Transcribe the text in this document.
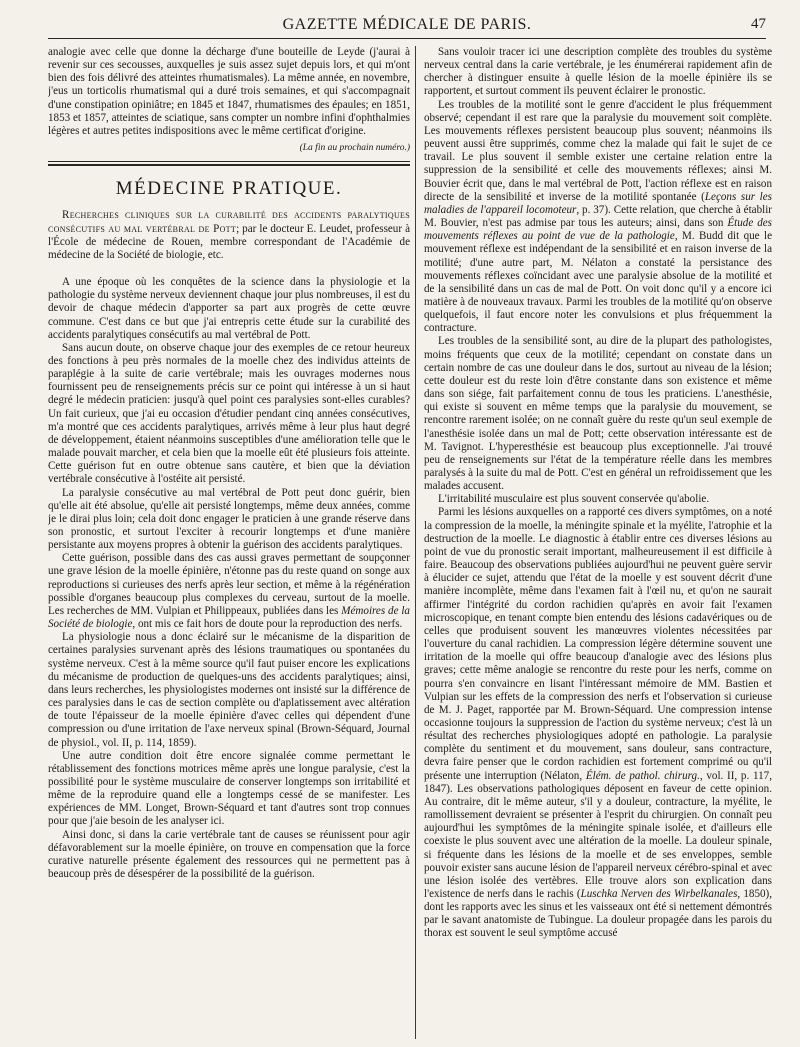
GAZETTE MÉDICALE DE PARIS.	47

analogie avec celle que donne la décharge d'une bouteille de Leyde (j'aurai à revenir sur ces secousses, auxquelles je suis assez sujet depuis lors, et qui m'ont bien des fois délivré des atteintes rhumatismales). La même année, en novembre, j'eus un torticolis rhumatismal qui a duré trois semaines, et qui s'accompagnait d'une constipation opiniâtre; en 1845 et 1847, rhumatismes des épaules; en 1851, 1853 et 1857, atteintes de sciatique, sans compter un nombre infini d'ophthalmies légères et autres petites indispositions avec le même certificat d'origine.

(La fin au prochain numéro.)

MÉDECINE PRATIQUE.

Recherches cliniques sur la curabilité des accidents paralytiques consécutifs au mal vertébral de Pott; par le docteur E. Leudet, professeur à l'École de médecine de Rouen, membre correspondant de l'Académie de médecine de la Société de biologie, etc.

A une époque où les conquêtes de la science dans la physiologie et la pathologie du système nerveux deviennent chaque jour plus nombreuses, il est du devoir de chaque médecin d'apporter sa part aux progrès de cette œuvre commune. C'est dans ce but que j'ai entrepris cette étude sur la curabilité des accidents paralytiques consécutifs au mal vertébral de Pott.

Sans aucun doute, on observe chaque jour des exemples de ce retour heureux des fonctions à peu près normales de la moelle chez des individus atteints de paraplégie à la suite de carie vertébrale; mais les ouvrages modernes nous fournissent peu de renseignements précis sur ce point qui intéresse à un si haut degré le médecin praticien: jusqu'à quel point ces paralysies sont-elles curables? Un fait curieux, que j'ai eu occasion d'étudier pendant cinq années consécutives, m'a montré que ces accidents paralytiques, arrivés même à leur plus haut degré de développement, étaient néanmoins susceptibles d'une amélioration telle que le malade pouvait marcher, et cela bien que la moelle eût été plusieurs fois atteinte. Cette guérison fut en outre obtenue sans cautère, et bien que la déviation vertébrale consécutive à l'ostéite ait persisté.

La paralysie consécutive au mal vertébral de Pott peut donc guérir, bien qu'elle ait été absolue, qu'elle ait persisté longtemps, même deux années, comme je le dirai plus loin; cela doit donc engager le praticien à une grande réserve dans son pronostic, et surtout l'exciter à recourir longtemps et d'une manière persistante aux moyens propres à obtenir la guérison des accidents paralytiques.

Cette guérison, possible dans des cas aussi graves permettant de soupçonner une grave lésion de la moelle épinière, n'étonne pas du reste quand on songe aux reproductions si curieuses des nerfs après leur section, et même à la régénération possible d'organes beaucoup plus complexes du cerveau, surtout de la moelle. Les recherches de MM. Vulpian et Philippeaux, publiées dans les Mémoires de la Société de biologie, ont mis ce fait hors de doute pour la reproduction des nerfs.

La physiologie nous a donc éclairé sur le mécanisme de la disparition de certaines paralysies survenant après des lésions traumatiques ou spontanées du système nerveux. C'est à la même source qu'il faut puiser encore les explications du mécanisme de production de quelques-uns des accidents paralytiques; ainsi, dans leurs recherches, les physiologistes modernes ont insisté sur la différence de ces paralysies dans le cas de section complète ou d'aplatissement avec altération de toute l'épaisseur de la moelle épinière d'avec celles qui dépendent d'une compression ou d'une irritation de l'axe nerveux spinal (Brown-Séquard, Journal de physiol., vol. II, p. 114, 1859).

Une autre condition doit être encore signalée comme permettant le rétablissement des fonctions motrices même après une longue paralysie, c'est la possibilité pour le système musculaire de conserver longtemps son irritabilité et même de la reproduire quand elle a longtemps cessé de se manifester. Les expériences de MM. Longet, Brown-Séquard et tant d'autres sont trop connues pour que j'aie besoin de les analyser ici.

Ainsi donc, si dans la carie vertébrale tant de causes se réunissent pour agir défavorablement sur la moelle épinière, on trouve en compensation que la force curative naturelle présente également des ressources qui ne permettent pas à beaucoup près de désespérer de la possibilité de la guérison.

Sans vouloir tracer ici une description complète des troubles du système nerveux central dans la carie vertébrale, je les énumérerai rapidement afin de chercher à distinguer ensuite à quelle lésion de la moelle épinière ils se rapportent, et surtout comment ils peuvent éclairer le pronostic.

Les troubles de la motilité sont le genre d'accident le plus fréquemment observé; cependant il est rare que la paralysie du mouvement soit complète. Les mouvements réflexes persistent beaucoup plus souvent; néanmoins ils peuvent aussi être supprimés, comme chez la malade qui fait le sujet de ce travail. Le plus souvent il semble exister une certaine relation entre la suppression de la sensibilité et celle des mouvements réflexes; ainsi M. Bouvier écrit que, dans le mal vertébral de Pott, l'action réflexe est en raison directe de la sensibilité et inverse de la motilité spontanée (Leçons sur les maladies de l'appareil locomoteur, p. 37). Cette relation, que cherche à établir M. Bouvier, n'est pas admise par tous les auteurs; ainsi, dans son Étude des mouvements réflexes au point de vue de la pathologie, M. Budd dit que le mouvement réflexe est indépendant de la sensibilité et en raison inverse de la motilité; d'une autre part, M. Nélaton a constaté la persistance des mouvements réflexes coïncidant avec une paralysie absolue de la motilité et de la sensibilité dans un cas de mal de Pott. On voit donc qu'il y a encore ici matière à de nouveaux travaux. Parmi les troubles de la motilité qu'on observe quelquefois, il faut encore noter les convulsions et plus fréquemment la contracture.

Les troubles de la sensibilité sont, au dire de la plupart des pathologistes, moins fréquents que ceux de la motilité; cependant on constate dans un certain nombre de cas une douleur dans le dos, surtout au niveau de la lésion; cette douleur est du reste loin d'être constante dans son existence et même dans son siége, fait parfaitement connu de tous les praticiens. L'anesthésie, qui existe si souvent en même temps que la paralysie du mouvement, se rencontre rarement isolée; on ne connaît guère du reste qu'un seul exemple de l'anesthésie isolée dans un mal de Pott; cette observation intéressante est de M. Tavignot. L'hyperesthésie est beaucoup plus exceptionnelle. J'ai trouvé peu de renseignements sur l'état de la température réelle dans les membres paralysés à la suite du mal de Pott. C'est en général un refroidissement que les malades accusent.

L'irritabilité musculaire est plus souvent conservée qu'abolie.

Parmi les lésions auxquelles on a rapporté ces divers symptômes, on a noté la compression de la moelle, la méningite spinale et la myélite, l'atrophie et la destruction de la moelle. Le diagnostic à établir entre ces diverses lésions au point de vue du pronostic serait important, malheureusement il est difficile à faire. Beaucoup des observations publiées aujourd'hui ne peuvent guère servir à élucider ce sujet, attendu que l'état de la moelle y est souvent décrit d'une manière incomplète, même dans l'examen fait à l'œil nu, et qu'on ne saurait affirmer l'intégrité du cordon rachidien qu'après en avoir fait l'examen microscopique, en tenant compte bien entendu des lésions cadavériques ou de celles que produisent souvent les manœuvres violentes nécessitées par l'ouverture du canal rachidien. La compression légère détermine souvent une irritation de la moelle qui offre beaucoup d'analogie avec des lésions plus graves; cette même analogie se rencontre du reste pour les nerfs, comme on pourra s'en convaincre en lisant l'intéressant mémoire de MM. Bastien et Vulpian sur les effets de la compression des nerfs et l'observation si curieuse de M. J. Paget, rapportée par M. Brown-Séquard. Une compression intense occasionne toujours la suppression de l'action du système nerveux; c'est là un résultat des recherches physiologiques adopté en pathologie. La paralysie complète du sentiment et du mouvement, sans douleur, sans contracture, devra faire penser que le cordon rachidien est fortement comprimé ou qu'il présente une interruption (Nélaton, Élém. de pathol. chirurg., vol. II, p. 117, 1847). Les observations pathologiques déposent en faveur de cette opinion. Au contraire, dit le même auteur, s'il y a douleur, contracture, la myélite, le ramollissement devraient se présenter à l'esprit du chirurgien. On connaît peu aujourd'hui les symptômes de la méningite spinale isolée, et d'ailleurs elle coexiste le plus souvent avec une altération de la moelle. La douleur spinale, si fréquente dans les lésions de la moelle et de ses enveloppes, semble pouvoir exister sans aucune lésion de l'appareil nerveux cérébro-spinal et avec une lésion isolée des vertèbres. Elle trouve alors son explication dans l'existence de nerfs dans le rachis (Luschka Nerven des Wirbelkanales, 1850), dont les rapports avec les sinus et les vaisseaux ont été si nettement démontrés par le savant anatomiste de Tubingue. La douleur propagée dans les parois du thorax est souvent le seul symptôme accusé
